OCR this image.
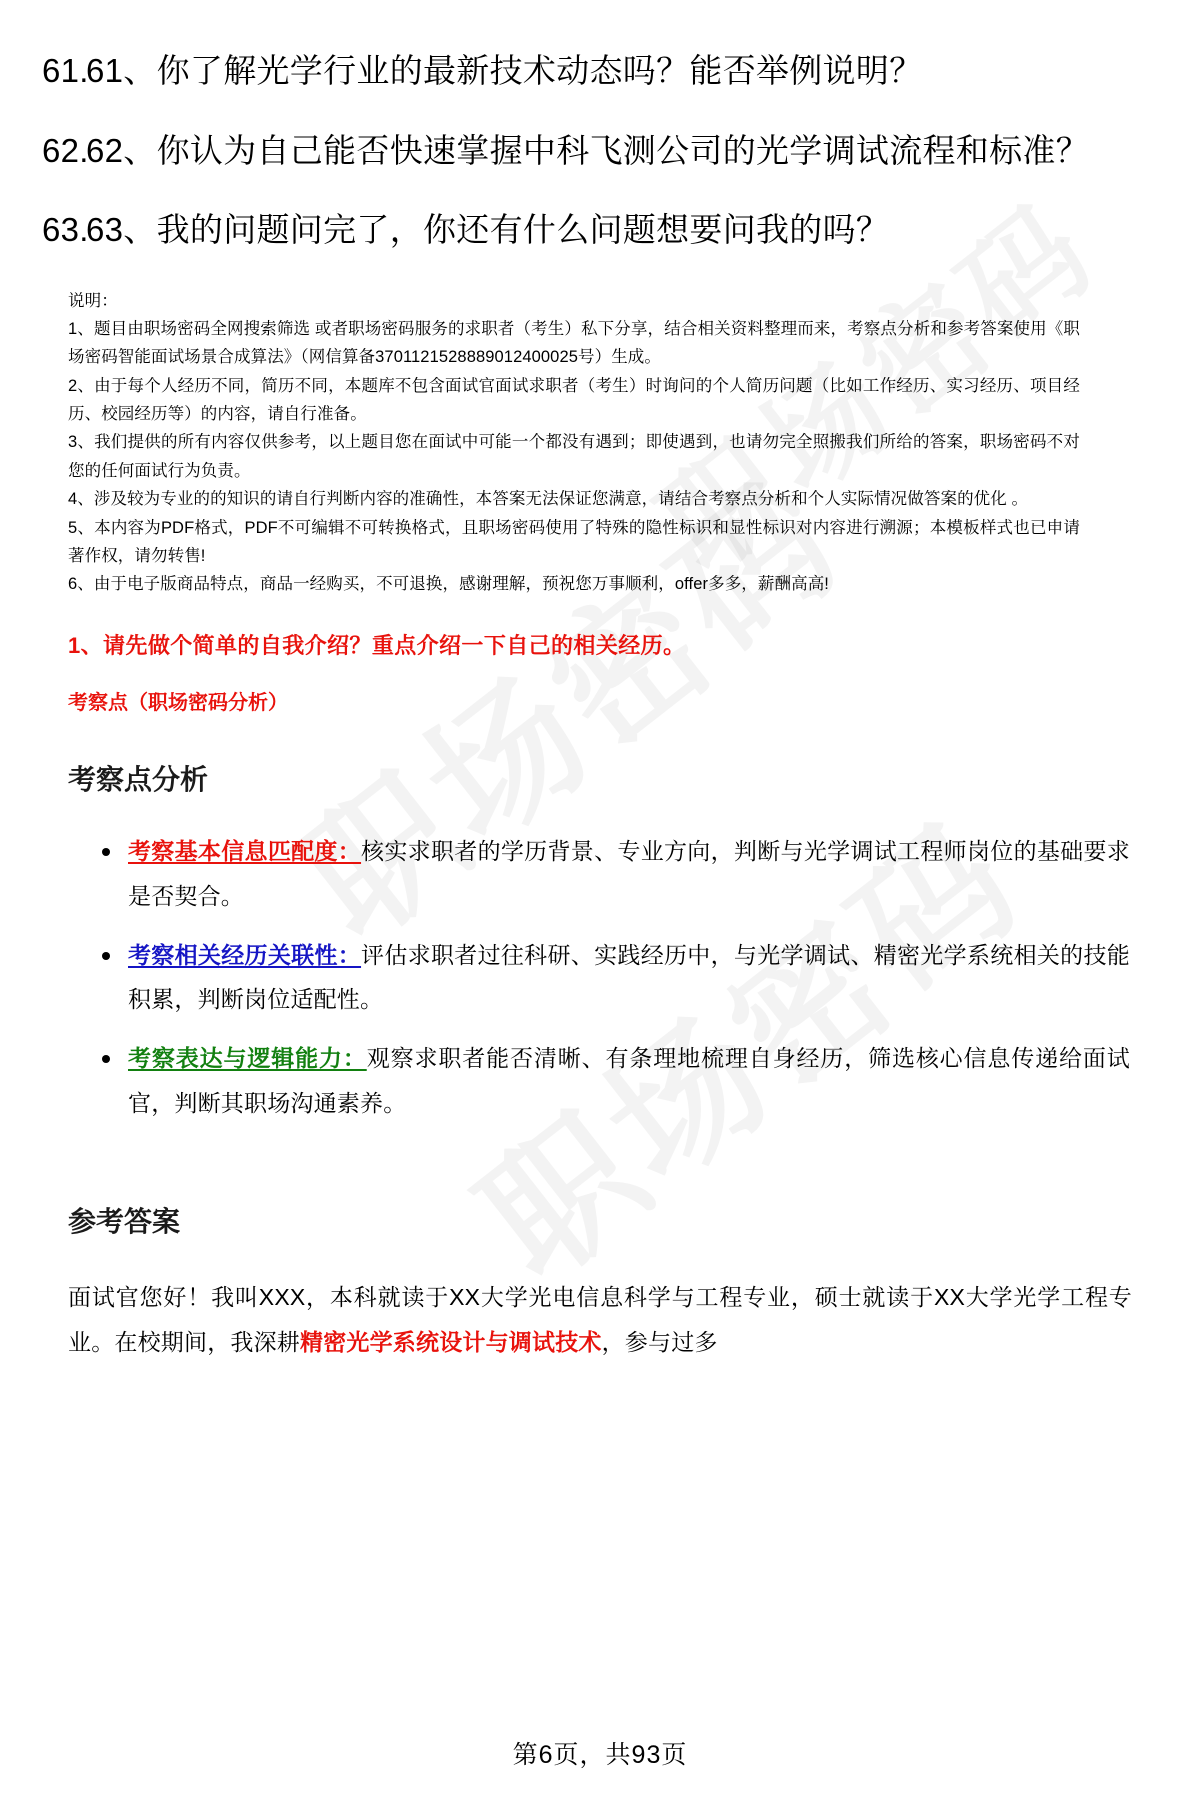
61.
61、你了解光学行业的最新技术动态吗？能否举例说明？
62.
62、你认为自己能否快速掌握中科飞测公司的光学调试流程和标准？
63.
63、我的问题问完了，你还有什么问题想要问我的吗？
说明：
1、题目由职场密码全网搜索筛选 或者职场密码服务的求职者（考生）私下分享，结合相关资料整理而来，考察点分析和参考答案使用《职场密码智能面试场景合成算法》（网信算备3701121528889012400025号）生成。
2、由于每个人经历不同，简历不同，本题库不包含面试官面试求职者（考生）时询问的个人简历问题（比如工作经历、实习经历、项目经历、校园经历等）的内容，请自行准备。
3、我们提供的所有内容仅供参考，以上题目您在面试中可能一个都没有遇到；即使遇到，也请勿完全照搬我们所给的答案，职场密码不对您的任何面试行为负责。
4、涉及较为专业的的知识的请自行判断内容的准确性，本答案无法保证您满意，请结合考察点分析和个人实际情况做答案的优化 。
5、本内容为PDF格式，PDF不可编辑不可转换格式，且职场密码使用了特殊的隐性标识和显性标识对内容进行溯源；本模板样式也已申请著作权，请勿转售!
6、由于电子版商品特点，商品一经购买，不可退换，感谢理解，预祝您万事顺利，offer多多，薪酬高高!
1、请先做个简单的自我介绍？重点介绍一下自己的相关经历。
考察点（职场密码分析）
考察点分析
考察基本信息匹配度：核实求职者的学历背景、专业方向，判断与光学调试工程师岗位的基础要求是否契合。
考察相关经历关联性：评估求职者过往科研、实践经历中，与光学调试、精密光学系统相关的技能积累，判断岗位适配性。
考察表达与逻辑能力：观察求职者能否清晰、有条理地梳理自身经历，筛选核心信息传递给面试官，判断其职场沟通素养。
参考答案
面试官您好！我叫XXX，本科就读于XX大学光电信息科学与工程专业，硕士就读于XX大学光学工程专业。在校期间，我深耕精密光学系统设计与调试技术，参与过多
第6页，共93页
